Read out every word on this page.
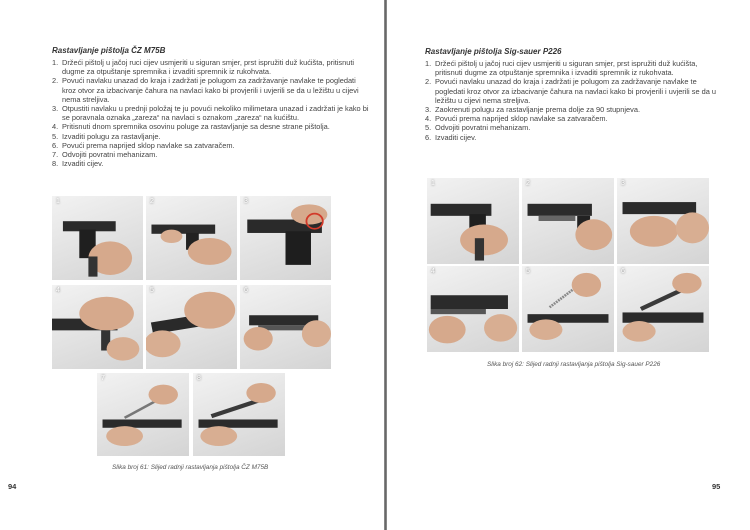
Rastavljanje pištolja ČZ M75B
1. Držeći pištolj u jačoj ruci cijev usmjeriti u siguran smjer, prst ispružiti duž kućišta, pritisnuti dugme za otpuštanje spremnika i izvaditi spremnik iz rukohvata.
2. Povući navlaku unazad do kraja i zadržati je polugom za zadržavanje navlake te pogledati kroz otvor za izbacivanje čahura na navlaci kako bi provjerili i uvjerili se da u ležištu u cijevi nema streljiva.
3. Otpustiti navlaku u prednji položaj te ju povući nekoliko milimetara unazad i zadržati je kako bi se poravnala oznaka „zareza“ na navlaci s oznakom „zareza“ na kućištu.
4. Pritisnuti dnom spremnika osovinu poluge za rastavljanje sa desne strane pištolja.
5. Izvaditi polugu za rastavljanje.
6. Povući prema naprijed sklop navlake sa zatvaračem.
7. Odvojiti povratni mehanizam.
8. Izvaditi cijev.
1	2	3
4	5	6
7	8
Slika broj 61: Slijed radnji rastavljanja pištolja ČZ M75B
94
Rastavljanje pištolja Sig-sauer P226
1. Držeći pištolj u jačoj ruci cijev usmjeriti u siguran smjer, prst ispružiti duž kućišta, pritisnuti dugme za otpuštanje spremnika i izvaditi spremnik iz rukohvata.
2. Povući navlaku unazad do kraja i zadržati je polugom za zadržavanje navlake te pogledati kroz otvor za izbacivanje čahura na navlaci kako bi provjerili i uvjerili se da u ležištu u cijevi nema streljiva.
3. Zaokrenuti polugu za rastavljanje prema dolje za 90 stupnjeva.
4. Povući prema naprijed sklop navlake sa zatvaračem.
5. Odvojiti povratni mehanizam.
6. Izvaditi cijev.
1	2	3
4	5	6
Slika broj 62: Slijed radnji rastavljanja pištolja Sig-sauer P226
95
